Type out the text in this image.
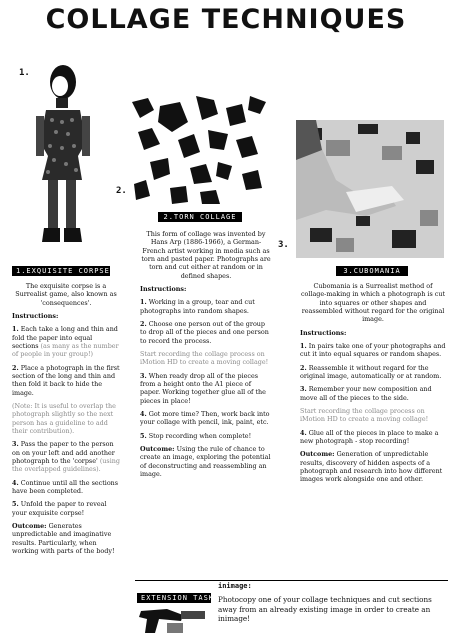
COLLAGE TECHNIQUES
1.
1.EXQUISITE CORPSE

The exquisite corpse is a Surrealist game, also known as 'consequences'.

Instructions:

1. Each take a long and thin and fold the paper into equal sections (as many as the number of people in your group!)

2. Place a photograph in the first section of the long and thin and then fold it back to hide the image.

(Note: It is useful to overlap the photograph slightly so the next person has a guideline to add their contribution).

3. Pass the paper to the person on on your left and add another photograph to the 'corpse' (using the overlapped guidelines).

4. Continue until all the sections have been completed.

5. Unfold the paper to reveal your exquisite corpse!

Outcome: Generates unpredictable and imaginative results. Particularly, when working with parts of the body!

2.
2.TORN COLLAGE

This form of collage was invented by Hans Arp (1886-1966), a German-French artist working in media such as torn and pasted paper. Photographs are torn and cut either at random or in defined shapes.

Instructions:

1. Working in a group, tear and cut photographs into random shapes.

2. Choose one person out of the group to drop all of the pieces and one person to record the process.

Start recording the collage process on iMotion HD to create a moving collage!

3. When ready drop all of the pieces from a height onto the A1 piece of paper. Working together glue all of the pieces in place!

4. Got more time? Then, work back into your collage with pencil, ink, paint, etc.

5. Stop recording when complete!

Outcome: Using the rule of chance to create an image, exploring the potential of deconstructing and reassembling an image.

3.
3.CUBOMANIA

Cubomania is a Surrealist method of collage-making in which a photograph is cut into squares or other shapes and reassembled without regard for the original image.

Instructions:

1. In pairs take one of your photographs and cut it into equal squares or random shapes.

2. Reassemble it without regard for the original image, automatically or at random.

3. Remember your new composition and move all of the pieces to the side.

Start recording the collage process on iMotion HD to create a moving collage!

4. Glue all of the pieces in place to make a new photograph - stop recording!

Outcome: Generation of unpredictable results, discovery of hidden aspects of a photograph and research into how different images work alongside one and other.

EXTENSION TASK
inimage:
Photocopy one of your collage techniques and cut sections away from an already existing image in order to create an inimage!
